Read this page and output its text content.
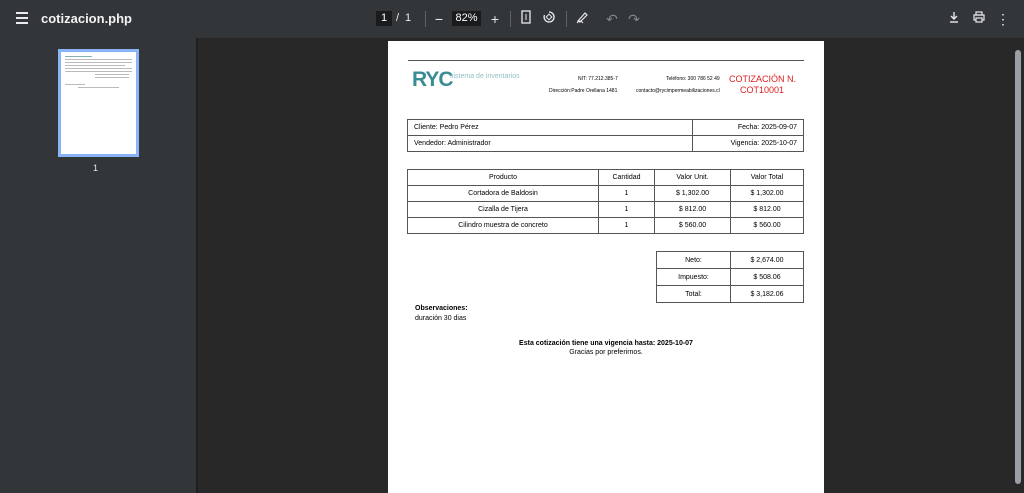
cotizacion.php	1 / 1	−	82% +	↶ ↷	⋮
1
RYC
sistema de inventarios	NIT: 77.212.385-7
Dirección:Padre Orellana 1481
Teléfono: 300 786 52 49
contacto@rycimpermeabilizaciones.cl
COTIZACIÓN N.
COT10001
Cliente: Pedro Pérez	Fecha: 2025-09-07
Vendedor: Administrador	Vigencia: 2025-10-07
Producto	Cantidad	Valor Unit.	Valor Total
Cortadora de Baldosin	1	$ 1,302.00	$ 1,302.00
Cizalla de Tijera	1	$ 812.00	$ 812.00
Cilindro muestra de concreto	1	$ 560.00	$ 560.00
Neto:	$ 2,674.00
Impuesto:	$ 508.06
Total:	$ 3,182.06
Observaciones:
duración 30 dias
Esta cotización tiene una vigencia hasta: 2025-10-07
Gracias por preferirnos.
